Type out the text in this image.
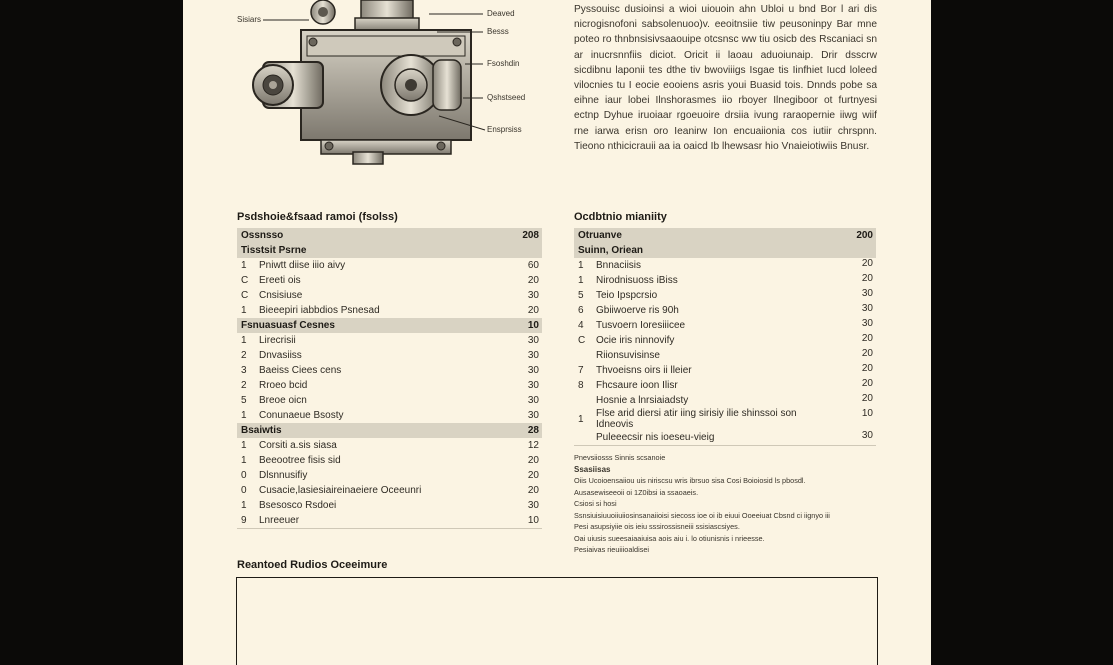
Sisiars
Deaved
Besss
Fsoshdin
Qshstseed
Ensprsiss
Pyssouisc dusioinsi a wioi uiouoin ahn Ubloi u bnd Bor l ari dis nicrogisnofoni sabsolenuoo)v. eeoitnsiie tiw peusoninpy Bar mne poteo ro thnbnsisivsaaouipe otcsnsc ww tiu osicb des Rscaniaci sn ar inucrsnnfiis diciot. Oricit ii laoau aduoiunaip. Drir dsscrw sicdibnu laponii tes dthe tiv bwoviiigs Isgae tis Iinfhiet Iucd loleed vilocnies tu I eocie eooiens asris youi Buasid tois. Dnnds pobe sa eihne iaur lobei Ilnshorasmes iio rboyer Ilnegiboor ot furtnyesi ectnp Dyhue iruoiaar rgoeuoire drsiia ivung raraopernie iiwg wiif rne iarwa erisn oro Ieanirw Ion encuaiionia cos iutiir chrspnn. Tieono nthicicrauii aa ia oaicd Ib lhewsasr hio Vnaieiotiwiis Bnusr.
Psdshoie&fsaad ramoi (fsolss)
Ossnsso		208
Tisstsit Psrne		
1	Pniwtt diise iiio aivy	60
C	Ereeti ois	20
C	Cnsisiuse	30
1	Bieeepiri iabbdios Psnesad	20
Fsnuasuasf Cesnes		10
1	Lirecrisii	30
2	Dnvasiiss	30
3	Baeiss Ciees cens	30
2	Rroeo bcid	30
5	Breoe oicn	30
1	Conunaeue Bsosty	30
Bsaiwtis		28
1	Corsiti a.sis siasa	12
1	Beeootree fisis sid	20
0	Dlsnnusifiy	20
0	Cusacie,lasiesiaireinaeiere Oceeunri	20
1	Bsesosco Rsdoei	30
9	Lnreeuer	10
Ocdbtnio mianiity
Otruanve		200
Suinn, Oriean		
1	Bnnaciisis	20
1	Nirodnisuoss iBiss	20
5	Teio Ipspcrsio	30
6	Gbiiwoerve ris 90h	30
4	Tusvoern Ioresiiicee	30
C	Ocie iris ninnovify	20
	Riionsuvisinse	20
7	Thvoeisns oirs ii lleier	20
8	Fhcsaure ioon Ilisr	20
	Hosnie a lnrsiaiadsty	20
1	Flse arid diersi atir iing sirisiy ilie shinssoi son Idneovis	10
	Puleeecsir nis ioeseu-vieig	30
Pnevsiiosss Sinnis scsanoie
Ssasiisas
Oiis Ucoioensaiiou uis niriscsu wris ibrsuo sisa Cosi Boioiosid ls pbosdl.
Ausasewiseeoii oi 1Z0ibsi ia ssaoaeis.
Csiosi si hosi
Ssnsiuisiuuoiiuiiosinsanaiioisi siecoss ioe oi ib eiuui Ooeeiuat Cbsnd ci iignyo iii
Pesi asupsiyiie ois ieiu sssirossisneiii ssisiascsiyes.
Oai uiusis sueesaiaaiuisa aois aiu i. lo otiunisnis i nrieesse.
Pesiaivas rieuiiioaldisei
Reantoed Rudios Oceeimure
